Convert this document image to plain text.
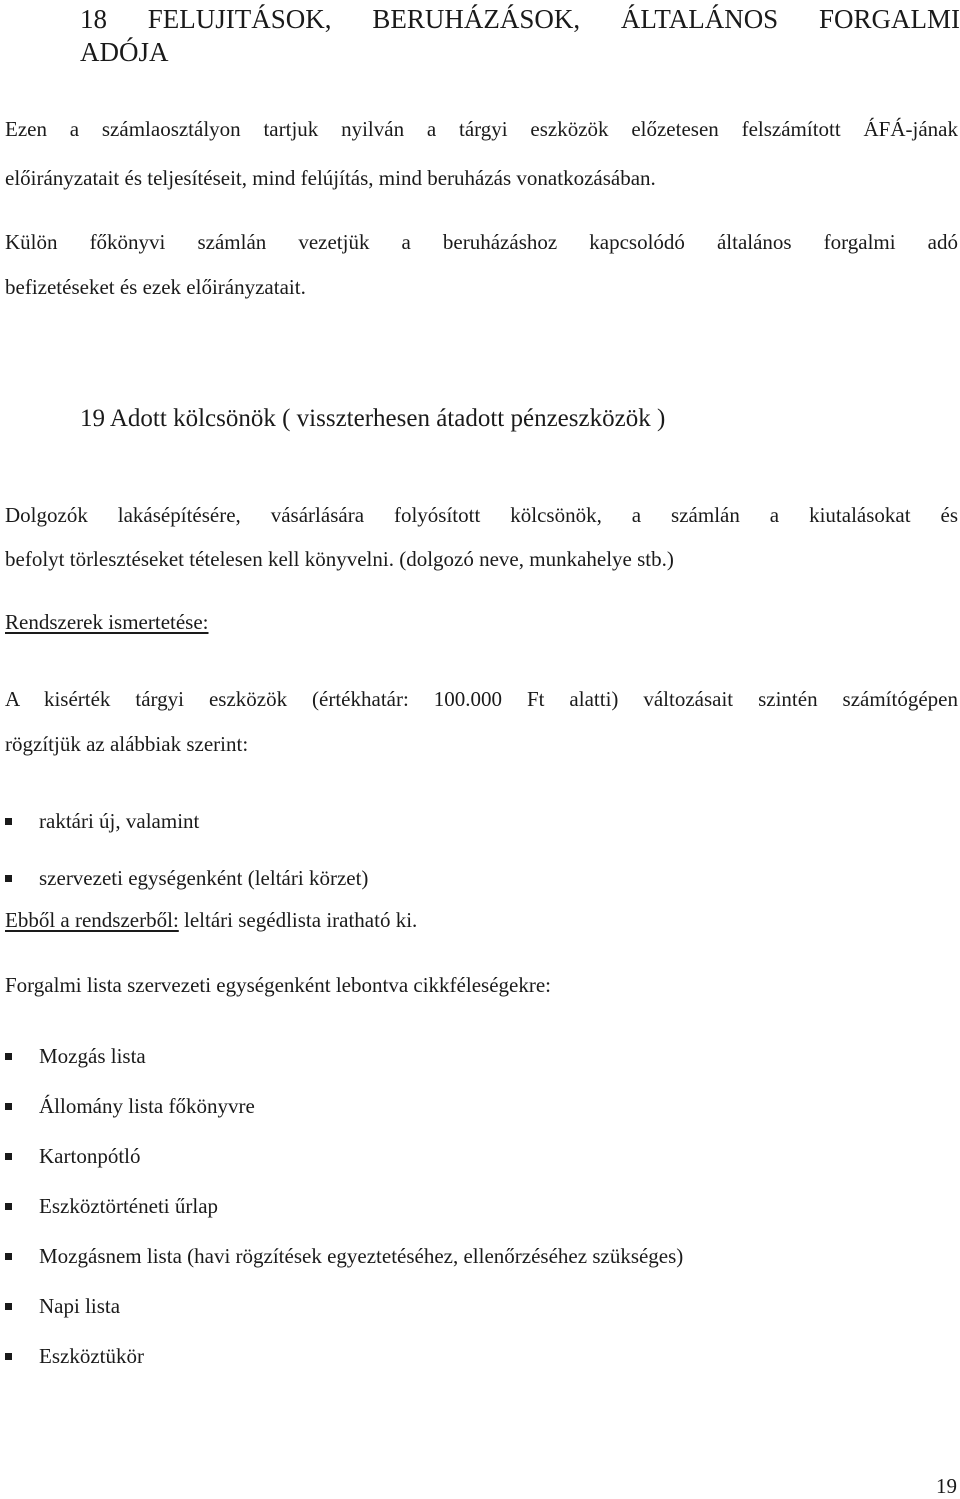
18 FELUJITÁSOK, BERUHÁZÁSOK, ÁLTALÁNOS FORGALMI
ADÓJA
Ezen a számlaosztályon tartjuk nyilván a tárgyi eszközök előzetesen felszámított ÁFÁ-jának
előirányzatait és teljesítéseit, mind felújítás, mind beruházás vonatkozásában.
Külön főkönyvi számlán vezetjük a beruházáshoz kapcsolódó általános forgalmi adó
befizetéseket és ezek előirányzatait.
19 Adott kölcsönök ( visszterhesen átadott pénzeszközök )
Dolgozók lakásépítésére, vásárlására folyósított kölcsönök, a számlán a kiutalásokat és
befolyt törlesztéseket tételesen kell könyvelni. (dolgozó neve, munkahelye stb.)
Rendszerek ismertetése:
A kisérték tárgyi eszközök (értékhatár: 100.000 Ft alatti) változásait szintén számítógépen
rögzítjük az alábbiak szerint:
raktári új, valamint
szervezeti egységenként (leltári körzet)
Ebből a rendszerből: leltári segédlista iratható ki.
Forgalmi lista szervezeti egységenként lebontva cikkféleségekre:
Mozgás lista
Állomány lista főkönyvre
Kartonpótló
Eszköztörténeti űrlap
Mozgásnem lista (havi rögzítések egyeztetéséhez, ellenőrzéséhez szükséges)
Napi lista
Eszköztükör
19
